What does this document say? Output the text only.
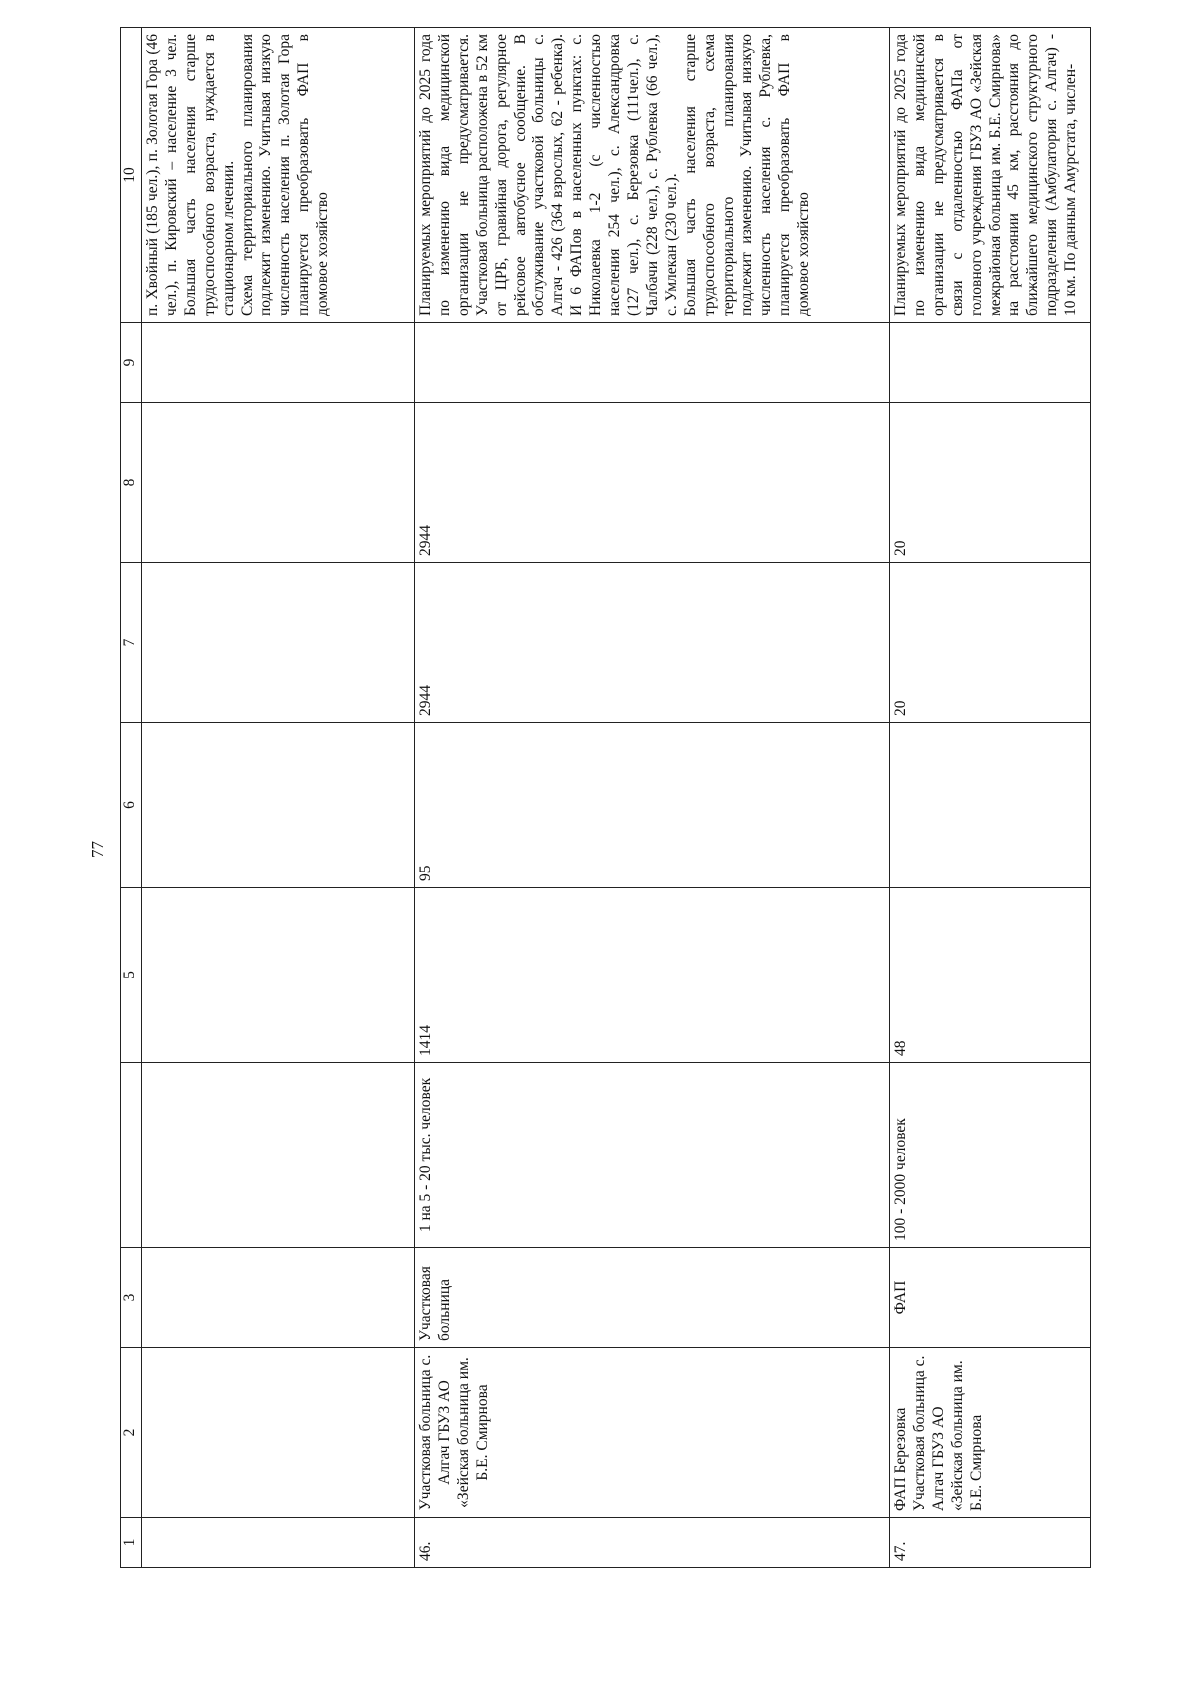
77
1	2	3		5	6	7	8	9	10
									п. Хвойный (185 чел.), п. Золотая Гора (46 чел.), п. Кировский – население 3 чел. Большая часть населения старше трудоспособного возраста, нуждается в стационарном лечении.
Схема территориального планирования подлежит изменению. Учитывая низкую численность населения п. Золотая Гора планируется преобразовать ФАП в домовое хозяйство
46.	Участковая больница с. Алгач ГБУЗ АО «Зейская больница им. Б.Е. Смирнова	Участковая больница	1 на 5 - 20 тыс. человек	1414	95	2944	2944		Планируемых мероприятий до 2025 года по изменению вида медицинской организации не предусматривается. Участковая больница расположена в 52 км от ЦРБ, гравийная дорога, регулярное рейсовое автобусное сообщение. В обслуживание участковой больницы с. Алгач - 426 (364 взрослых, 62 - ребенка). И 6 ФАПов в населенных пунктах: с. Николаевка 1-2 (с численностью населения 254 чел.), с. Александровка (127 чел.), с. Березовка (111чел.), с. Чалбачи (228 чел.), с. Рублевка (66 чел.), с. Умлекан (230 чел.).
Большая часть населения старше трудоспособного возраста, схема территориального планирования подлежит изменению. Учитывая низкую численность населения с. Рублевка, планируется преобразовать ФАП в домовое хозяйство
47.	ФАП Березовка Участковая больница с. Алгач ГБУЗ АО «Зейская больница им. Б.Е. Смирнова	ФАП	100 - 2000 человек	48		20	20		Планируемых мероприятий до 2025 года по изменению вида медицинской организации не предусматривается в связи с отдаленностью ФАПа от головного учреждения ГБУЗ АО «Зейская межрайоная больница им. Б.Е. Смирнова» на расстоянии 45 км, расстояния до ближайшего медицинского структурного подразделения (Амбулатория с. Алгач) - 10 км. По данным Амурстата, числен-
